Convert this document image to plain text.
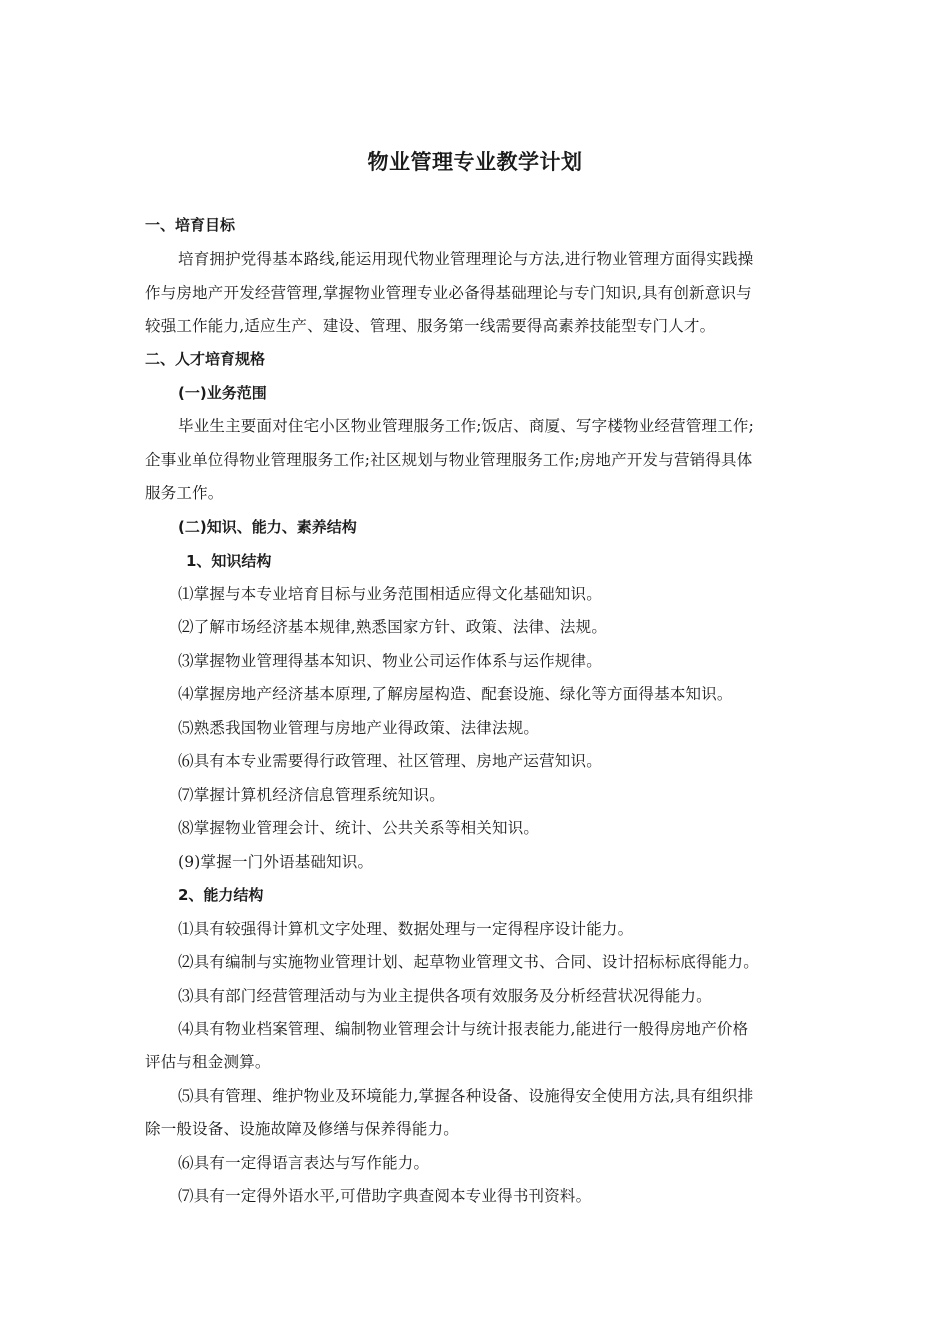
物业管理专业教学计划
一、培育目标
培育拥护党得基本路线,能运用现代物业管理理论与方法,进行物业管理方面得实践操
作与房地产开发经营管理,掌握物业管理专业必备得基础理论与专门知识,具有创新意识与
较强工作能力,适应生产、建设、管理、服务第一线需要得高素养技能型专门人才。
二、人才培育规格
(一)业务范围
毕业生主要面对住宅小区物业管理服务工作;饭店、商厦、写字楼物业经营管理工作;
企事业单位得物业管理服务工作;社区规划与物业管理服务工作;房地产开发与营销得具体
服务工作。
(二)知识、能力、素养结构
1、知识结构
⑴掌握与本专业培育目标与业务范围相适应得文化基础知识。
⑵了解市场经济基本规律,熟悉国家方针、政策、法律、法规。
⑶掌握物业管理得基本知识、物业公司运作体系与运作规律。
⑷掌握房地产经济基本原理,了解房屋构造、配套设施、绿化等方面得基本知识。
⑸熟悉我国物业管理与房地产业得政策、法律法规。
⑹具有本专业需要得行政管理、社区管理、房地产运营知识。
⑺掌握计算机经济信息管理系统知识。
⑻掌握物业管理会计、统计、公共关系等相关知识。
(9)掌握一门外语基础知识。
2、能力结构
⑴具有较强得计算机文字处理、数据处理与一定得程序设计能力。
⑵具有编制与实施物业管理计划、起草物业管理文书、合同、设计招标标底得能力。
⑶具有部门经营管理活动与为业主提供各项有效服务及分析经营状况得能力。
⑷具有物业档案管理、编制物业管理会计与统计报表能力,能进行一般得房地产价格
评估与租金测算。
⑸具有管理、维护物业及环境能力,掌握各种设备、设施得安全使用方法,具有组织排
除一般设备、设施故障及修缮与保养得能力。
⑹具有一定得语言表达与写作能力。
⑺具有一定得外语水平,可借助字典查阅本专业得书刊资料。
